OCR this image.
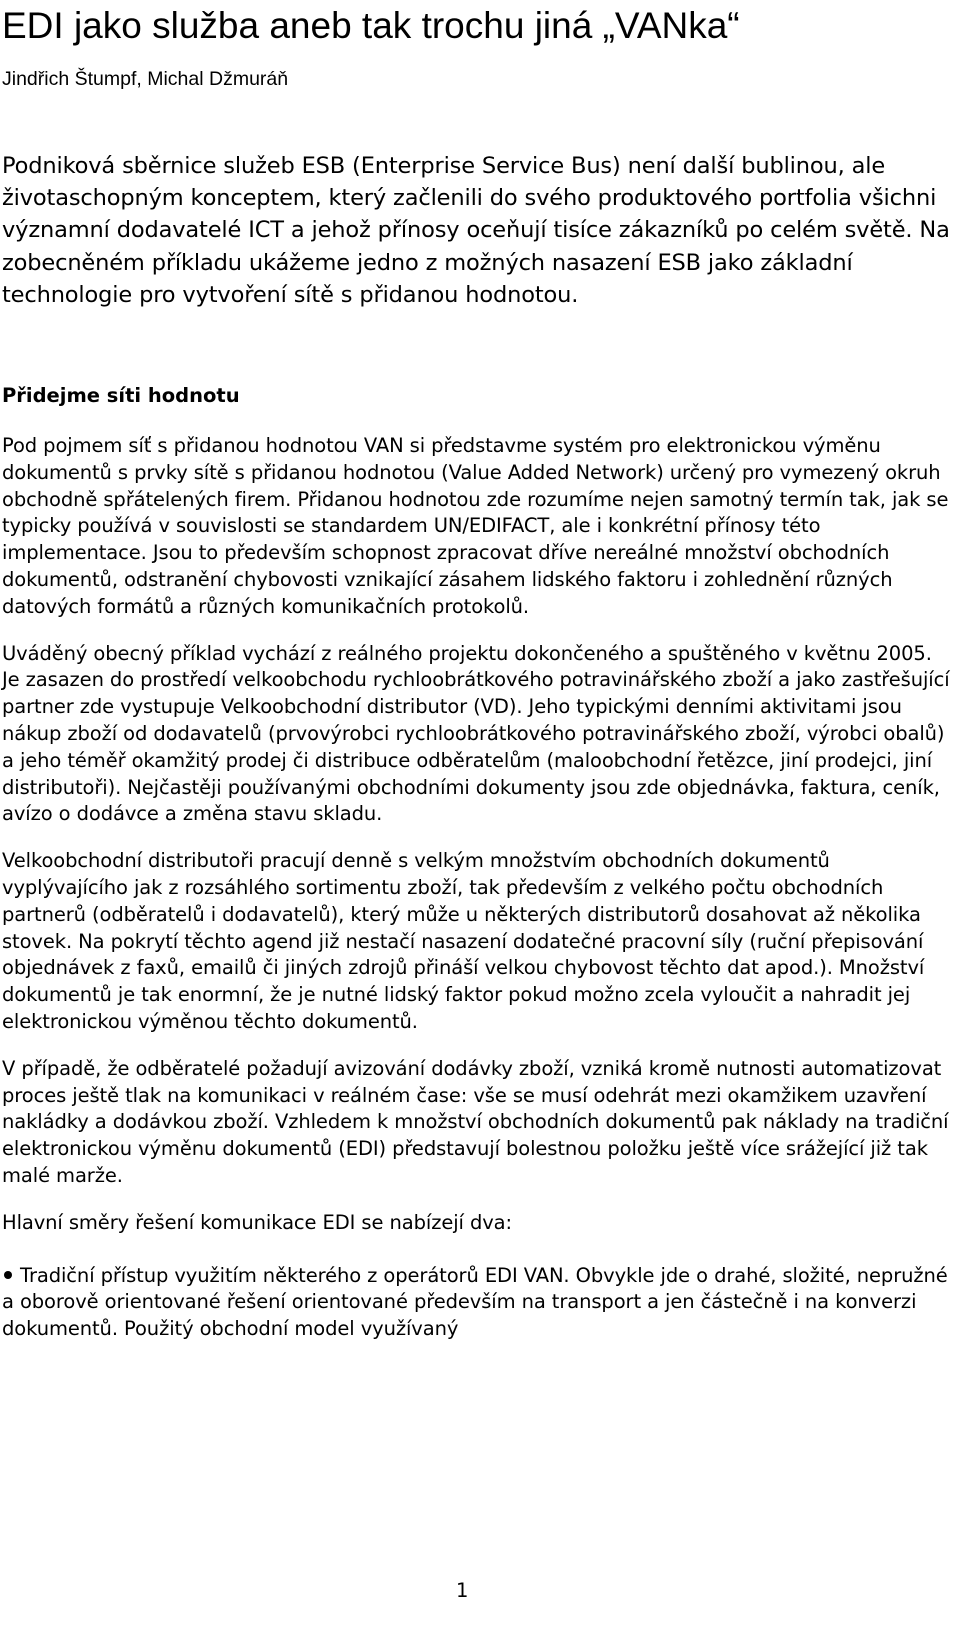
EDI jako služba aneb tak trochu jiná „VANka“

Jindřich Štumpf, Michal Džmuráň

Podniková sběrnice služeb ESB (Enterprise Service Bus) není další bublinou, ale životaschopným konceptem, který začlenili do svého produktového portfolia všichni významní dodavatelé ICT a jehož přínosy oceňují tisíce zákazníků po celém světě. Na zobecněném příkladu ukážeme jedno z možných nasazení ESB jako základní technologie pro vytvoření sítě s přidanou hodnotou.

Přidejme síti hodnotu

Pod pojmem síť s přidanou hodnotou VAN si představme systém pro elektronickou výměnu dokumentů s prvky sítě s přidanou hodnotou (Value Added Network) určený pro vymezený okruh obchodně spřátelených firem. Přidanou hodnotou zde rozumíme nejen samotný termín tak, jak se typicky používá v souvislosti se standardem UN/EDIFACT, ale i konkrétní přínosy této implementace. Jsou to především schopnost zpracovat dříve nereálné množství obchodních dokumentů, odstranění chybovosti vznikající zásahem lidského faktoru i zohlednění různých datových formátů a různých komunikačních protokolů.

Uváděný obecný příklad vychází z reálného projektu dokončeného a spuštěného v květnu 2005. Je zasazen do prostředí velkoobchodu rychloobrátkového potravinářského zboží a jako zastřešující partner zde vystupuje Velkoobchodní distributor (VD). Jeho typickými denními aktivitami jsou nákup zboží od dodavatelů (prvovýrobci rychloobrátkového potravinářského zboží, výrobci obalů) a jeho téměř okamžitý prodej či distribuce odběratelům (maloobchodní řetězce, jiní prodejci, jiní distributoři). Nejčastěji používanými obchodními dokumenty jsou zde objednávka, faktura, ceník, avízo o dodávce a změna stavu skladu.

Velkoobchodní distributoři pracují denně s velkým množstvím obchodních dokumentů vyplývajícího jak z rozsáhlého sortimentu zboží, tak především z velkého počtu obchodních partnerů (odběratelů i dodavatelů), který může u některých distributorů dosahovat až několika stovek. Na pokrytí těchto agend již nestačí nasazení dodatečné pracovní síly (ruční přepisování objednávek z faxů, emailů či jiných zdrojů přináší velkou chybovost těchto dat apod.). Množství dokumentů je tak enormní, že je nutné lidský faktor pokud možno zcela vyloučit a nahradit jej elektronickou výměnou těchto dokumentů.

V případě, že odběratelé požadují avizování dodávky zboží, vzniká kromě nutnosti automatizovat proces ještě tlak na komunikaci v reálném čase: vše se musí odehrát mezi okamžikem uzavření nakládky a dodávkou zboží. Vzhledem k množství obchodních dokumentů pak náklady na tradiční elektronickou výměnu dokumentů (EDI) představují bolestnou položku ještě více srážející již tak malé marže.

Hlavní směry řešení komunikace EDI se nabízejí dva:

Tradiční přístup využitím některého z operátorů EDI VAN. Obvykle jde o drahé, složité, nepružné a oborově orientované řešení orientované především na transport a jen částečně i na konverzi dokumentů. Použitý obchodní model využívaný
1
